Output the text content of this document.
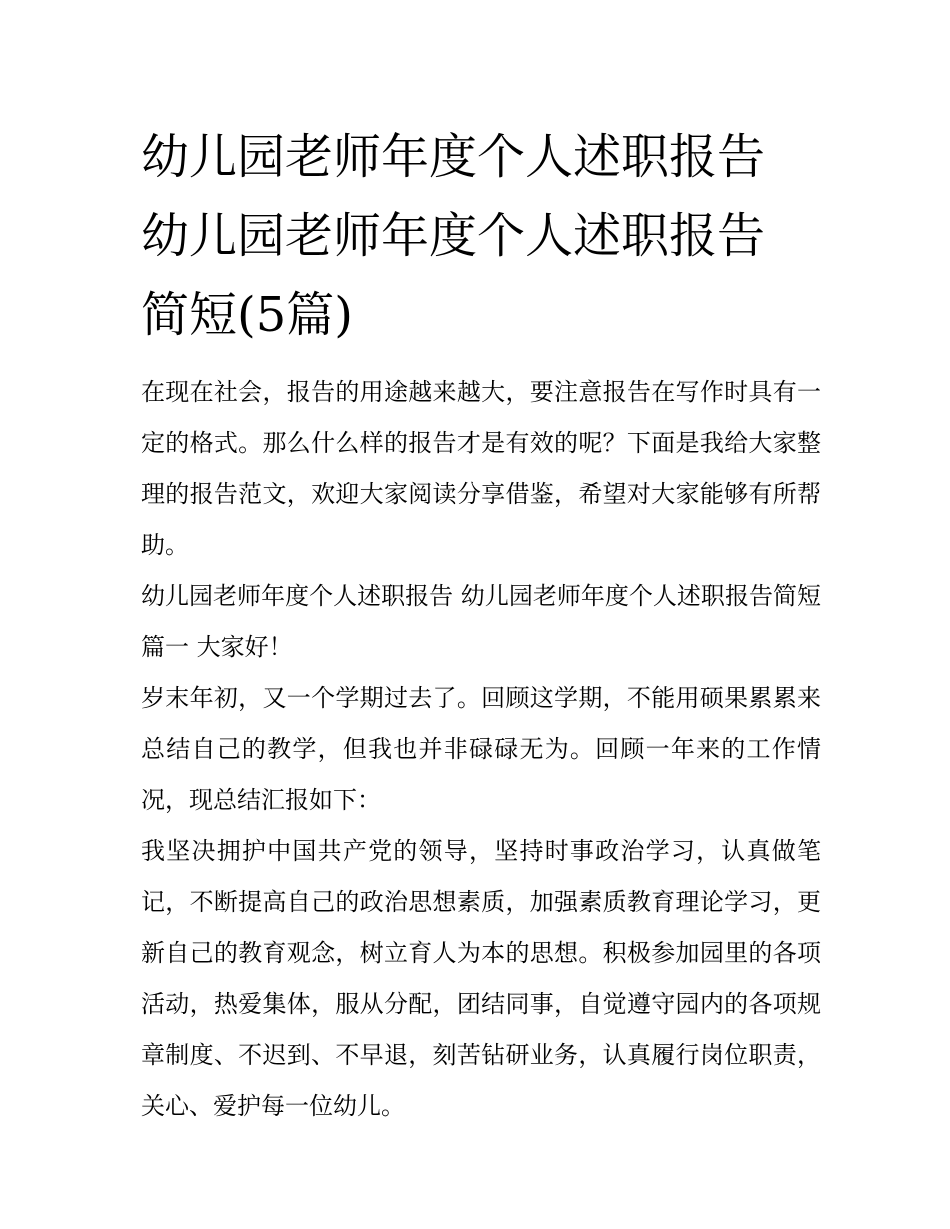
幼儿园老师年度个人述职报告
幼儿园老师年度个人述职报告
简短(5篇)

在现在社会，报告的用途越来越大，要注意报告在写作时具有一定的格式。那么什么样的报告才是有效的呢？下面是我给大家整理的报告范文，欢迎大家阅读分享借鉴，希望对大家能够有所帮助。

幼儿园老师年度个人述职报告 幼儿园老师年度个人述职报告简短篇一 大家好！

岁末年初，又一个学期过去了。回顾这学期，不能用硕果累累来总结自己的教学，但我也并非碌碌无为。回顾一年来的工作情况，现总结汇报如下：

我坚决拥护中国共产党的领导，坚持时事政治学习，认真做笔记，不断提高自己的政治思想素质，加强素质教育理论学习，更新自己的教育观念，树立育人为本的思想。积极参加园里的各项活动，热爱集体，服从分配，团结同事，自觉遵守园内的各项规章制度、不迟到、不早退，刻苦钻研业务，认真履行岗位职责，关心、爱护每一位幼儿。
